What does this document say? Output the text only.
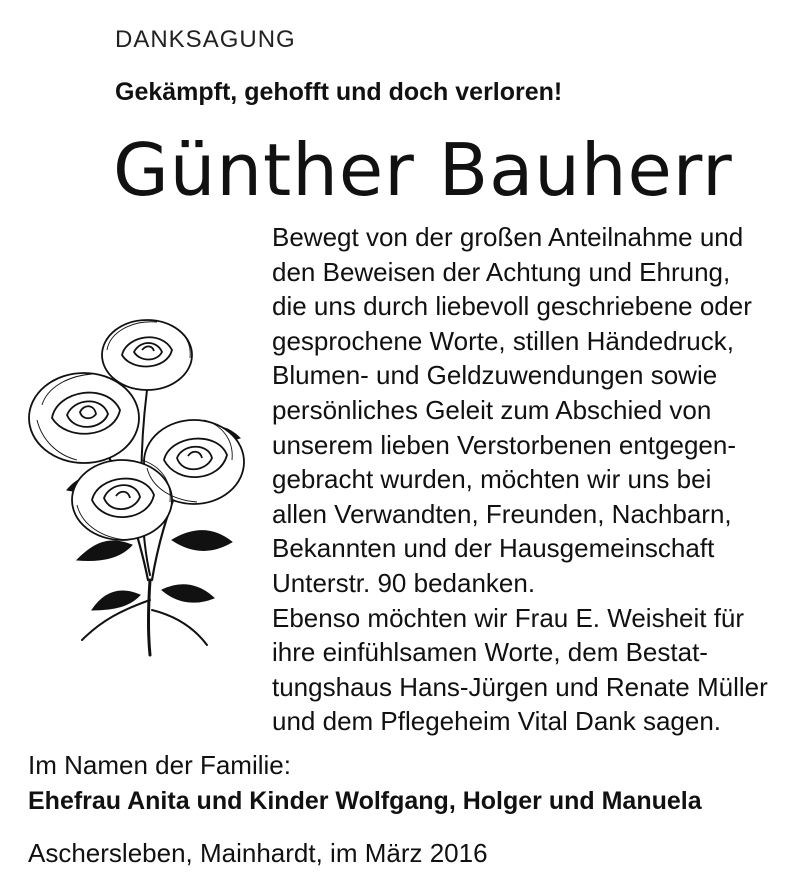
DANKSAGUNG
Gekämpft, gehofft und doch verloren!
Günther Bauherr
Bewegt von der großen Anteilnahme und
den Beweisen der Achtung und Ehrung,
die uns durch liebevoll geschriebene oder
gesprochene Worte, stillen Händedruck,
Blumen- und Geldzuwendungen sowie
persönliches Geleit zum Abschied von
unserem lieben Verstorbenen entgegen-
gebracht wurden, möchten wir uns bei
allen Verwandten, Freunden, Nachbarn,
Bekannten und der Hausgemeinschaft
Unterstr. 90 bedanken.
Ebenso möchten wir Frau E. Weisheit für
ihre einfühlsamen Worte, dem Bestat-
tungshaus Hans-Jürgen und Renate Müller
und dem Pflegeheim Vital Dank sagen.
Im Namen der Familie:
Ehefrau Anita und Kinder Wolfgang, Holger und Manuela
Aschersleben, Mainhardt, im März 2016
